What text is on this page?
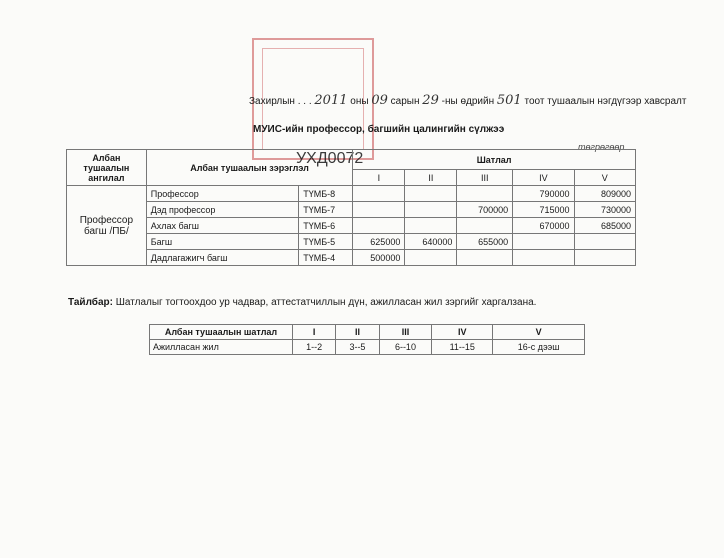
УХД0072
Захирлын . . . 2011 оны 09 сарын 29 -ны өдрийн 501 тоот тушаалын нэгдүгээр хавсралт
МУИС-ийн профессор, багшийн цалингийн сүлжээ
төгрөгөөр
Албан тушаалын ангилал	Албан тушаалын зэрэглэл		Шатлал				
			I	II	III	IV	V
Профессор багш /ПБ/	Профессор	ТҮМБ-8				790000	809000
	Дэд профессор	ТҮМБ-7			700000	715000	730000
	Ахлах багш	ТҮМБ-6				670000	685000
	Багш	ТҮМБ-5	625000	640000	655000		
	Дадлагажигч багш	ТҮМБ-4	500000				
Тайлбар: Шатлалыг тогтоохдоо ур чадвар, аттестатчиллын дүн, ажилласан жил зэргийг харгалзана.
Албан тушаалын шатлал	I	II	III	IV	V
Ажилласан жил	1--2	3--5	6--10	11--15	16-с дээш
